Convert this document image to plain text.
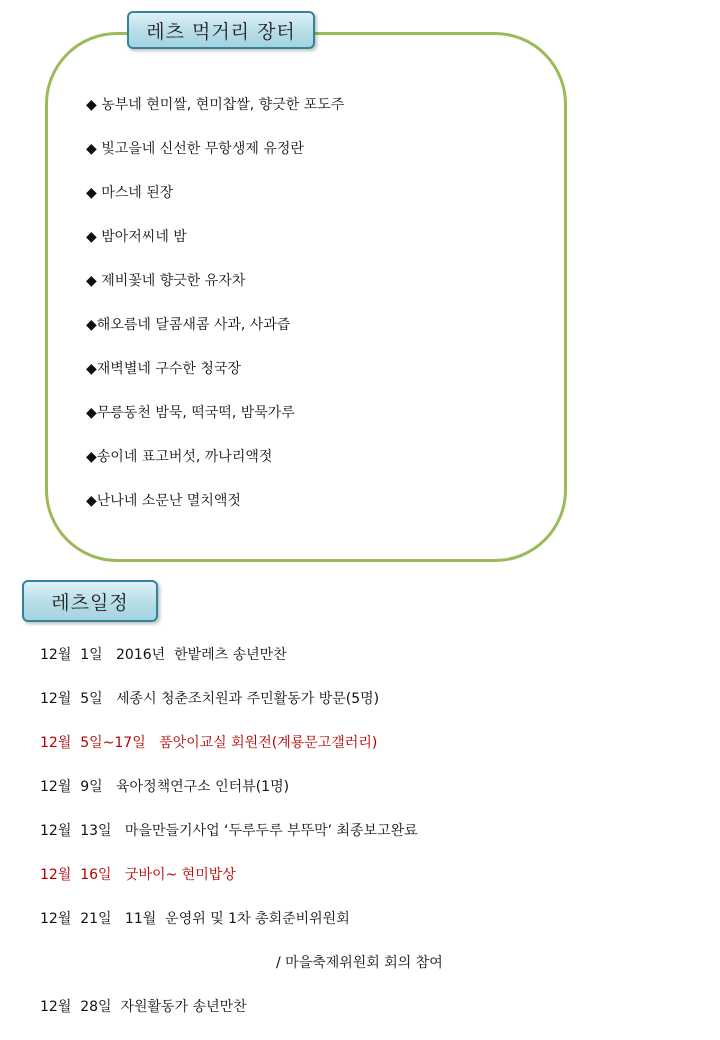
레츠 먹거리 장터
◆ 농부네 현미쌀, 현미찹쌀, 향긋한 포도주
◆ 빛고을네 신선한 무항생제 유정란
◆ 마스네 된장
◆ 밤아저씨네 밤
◆ 제비꽃네 향긋한 유자차
◆해오름네 달콤새콤 사과, 사과즙
◆재벽별네 구수한 청국장
◆무릉동천 밤묵, 떡국떡, 밤묵가루
◆송이네 표고버섯, 까나리액젓
◆난나네 소문난 멸치액젓
레츠일정
12월  1일   2016년  한밭레츠 송년만찬
12월  5일   세종시 청춘조치원과 주민활동가 방문(5명)
12월  5일~17일   품앗이교실 회원전(계룡문고갤러리)
12월  9일   육아정책연구소 인터뷰(1명)
12월  13일   마을만들기사업 ‘두루두루 부뚜막’ 최종보고완료
12월  16일   굿바이~ 현미밥상
12월  21일   11월  운영위 및 1차 총회준비위원회
/ 마을축제위원회 회의 참여
12월  28일  자원활동가 송년만찬
